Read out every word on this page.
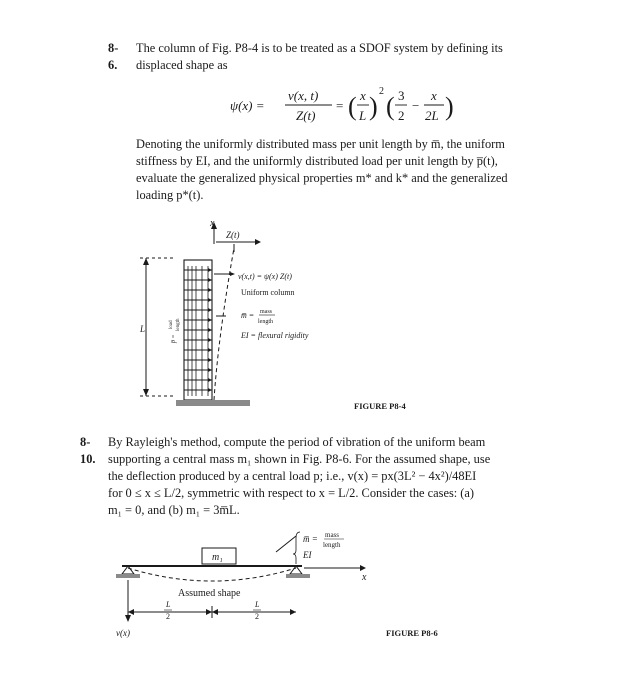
8-6.
The column of Fig. P8-4 is to be treated as a SDOF system by defining its
displaced shape as
ψ(x) =
v(x, t)
Z(t)
= ( x
L )
2
( 3
2
−
x
2L )
Denoting the uniformly distributed mass per unit length by m̅, the uniform
stiffness by EI, and the uniformly distributed load per unit length by p̅(t),
evaluate the generalized physical properties m* and k* and the generalized
loading p*(t).
x
Z(t)
v(x,t) = ψ(x) Z(t)
Uniform column
m̅ = mass
length
EI = flexural rigidity
L
p̅ =
load length
FIGURE P8-4
8-10.
By Rayleigh's method, compute the period of vibration of the uniform beam
supporting a central mass m₁ shown in Fig. P8-6. For the assumed shape, use
the deflection produced by a central load p; i.e., v(x) = px(3L² − 4x²)/48EI
for 0 ≤ x ≤ L/2, symmetric with respect to x = L/2. Consider the cases: (a)
m₁ = 0, and (b) m₁ = 3m̅L.
m₁
m̅ = mass
length
EI
x
Assumed shape
L
2
L
2
v(x)	FIGURE P8-6
